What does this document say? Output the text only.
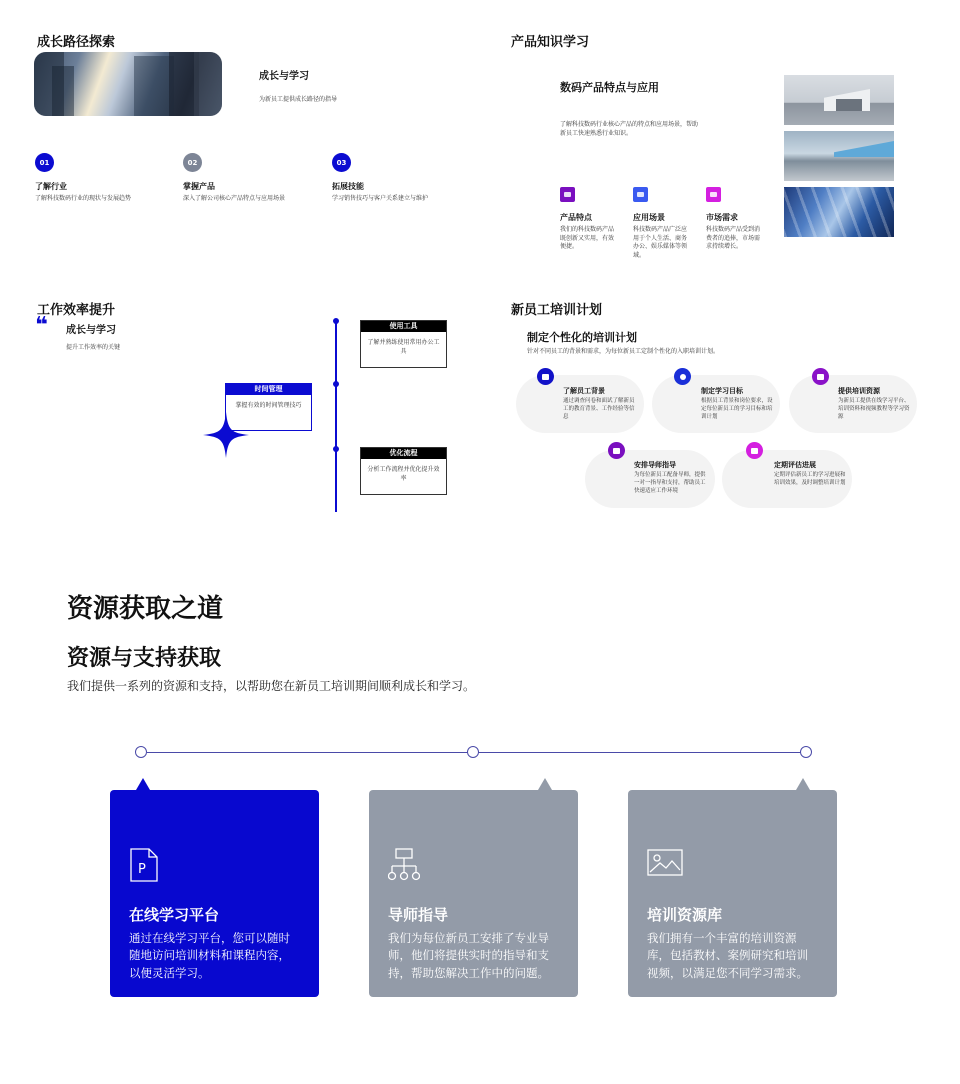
成长路径探索
成长与学习
为新员工提供成长路径的指导
01
了解行业
了解科技数码行业的现状与发展趋势
02
掌握产品
深入了解公司核心产品特点与应用场景
03
拓展技能
学习销售技巧与客户关系建立与维护
产品知识学习
数码产品特点与应用
了解科技数码行业核心产品的特点和应用场景，帮助新员工快速熟悉行业知识。
产品特点
我们的科技数码产品既创新又实用，有效便捷。
应用场景
科技数码产品广泛应用于个人生活、商务办公、娱乐媒体等领域。
市场需求
科技数码产品受到消费者的追捧，市场需求持续增长。
工作效率提升
❝ 成长与学习
提升工作效率的关键
使用工具
了解并熟练使用常用办公工具
时间管理
掌握有效的时间管理技巧
优化流程
分析工作流程并优化提升效率
新员工培训计划
制定个性化的培训计划
针对不同员工的背景和需求，为每位新员工定制个性化的入职培训计划。
了解员工背景
通过调查问卷和面试了解新员工的教育背景、工作经验等信息
制定学习目标
根据员工背景和岗位要求，设定每位新员工的学习目标和培训计划
提供培训资源
为新员工提供在线学习平台、培训资料和视频教程等学习资源
安排导师指导
为每位新员工配备导师，提供一对一指导和支持，帮助员工快速适应工作环境
定期评估进展
定期评估新员工的学习进展和培训效果，及时调整培训计划
资源获取之道
资源与支持获取
我们提供一系列的资源和支持，以帮助您在新员工培训期间顺利成长和学习。
P
在线学习平台
通过在线学习平台，您可以随时随地访问培训材料和课程内容，以便灵活学习。
导师指导
我们为每位新员工安排了专业导师，他们将提供实时的指导和支持，帮助您解决工作中的问题。
培训资源库
我们拥有一个丰富的培训资源库，包括教材、案例研究和培训视频，以满足您不同学习需求。
